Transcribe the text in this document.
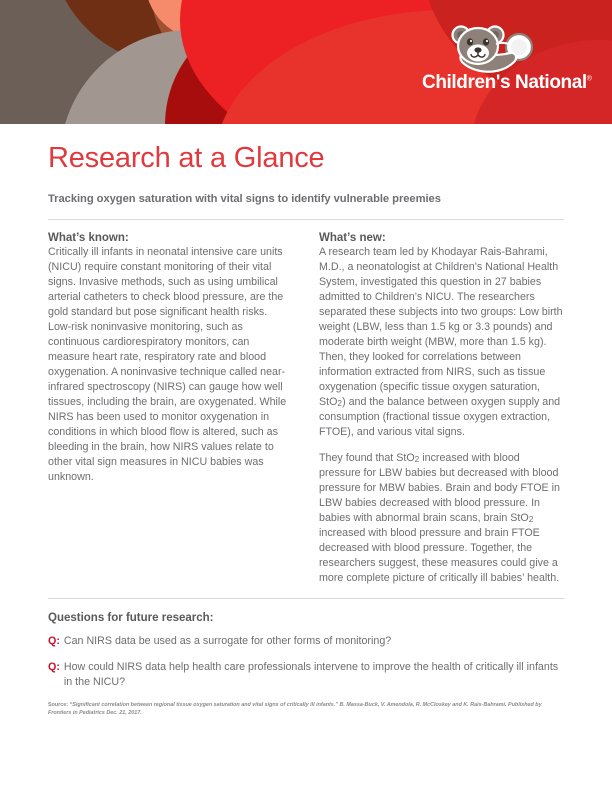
Children's National®
Research at a Glance
Tracking oxygen saturation with vital signs to identify vulnerable preemies
What’s known:

Critically ill infants in neonatal intensive care units (NICU) require constant monitoring of their vital signs. Invasive methods, such as using umbilical arterial catheters to check blood pressure, are the gold standard but pose significant health risks. Low-risk noninvasive monitoring, such as continuous cardiorespiratory monitors, can measure heart rate, respiratory rate and blood oxygenation. A noninvasive technique called near-infrared spectroscopy (NIRS) can gauge how well tissues, including the brain, are oxygenated. While NIRS has been used to monitor oxygenation in conditions in which blood flow is altered, such as bleeding in the brain, how NIRS values relate to other vital sign measures in NICU babies was unknown.

What’s new:

A research team led by Khodayar Rais-Bahrami, M.D., a neonatologist at Children’s National Health System, investigated this question in 27 babies admitted to Children’s NICU. The researchers separated these subjects into two groups: Low birth weight (LBW, less than 1.5 kg or 3.3 pounds) and moderate birth weight (MBW, more than 1.5 kg). Then, they looked for correlations between information extracted from NIRS, such as tissue oxygenation (specific tissue oxygen saturation, StO$_2$) and the balance between oxygen supply and consumption (fractional tissue oxygen extraction, FTOE), and various vital signs.

They found that StO$_2$ increased with blood pressure for LBW babies but decreased with blood pressure for MBW babies. Brain and body FTOE in LBW babies decreased with blood pressure. In babies with abnormal brain scans, brain StO$_2$ increased with blood pressure and brain FTOE decreased with blood pressure. Together, the researchers suggest, these measures could give a more complete picture of critically ill babies’ health.

Questions for future research:
Q: Can NIRS data be used as a surrogate for other forms of monitoring?
Q: How could NIRS data help health care professionals intervene to improve the health of critically ill infants in the NICU?
Source: “Significant correlation between regional tissue oxygen saturation and vital signs of critically ill infants.” B. Massa-Buck, V. Amendola, R. McCloskey and K. Rais-Bahrami. Published by Frontiers in Pediatrics Dec. 21, 2017.
